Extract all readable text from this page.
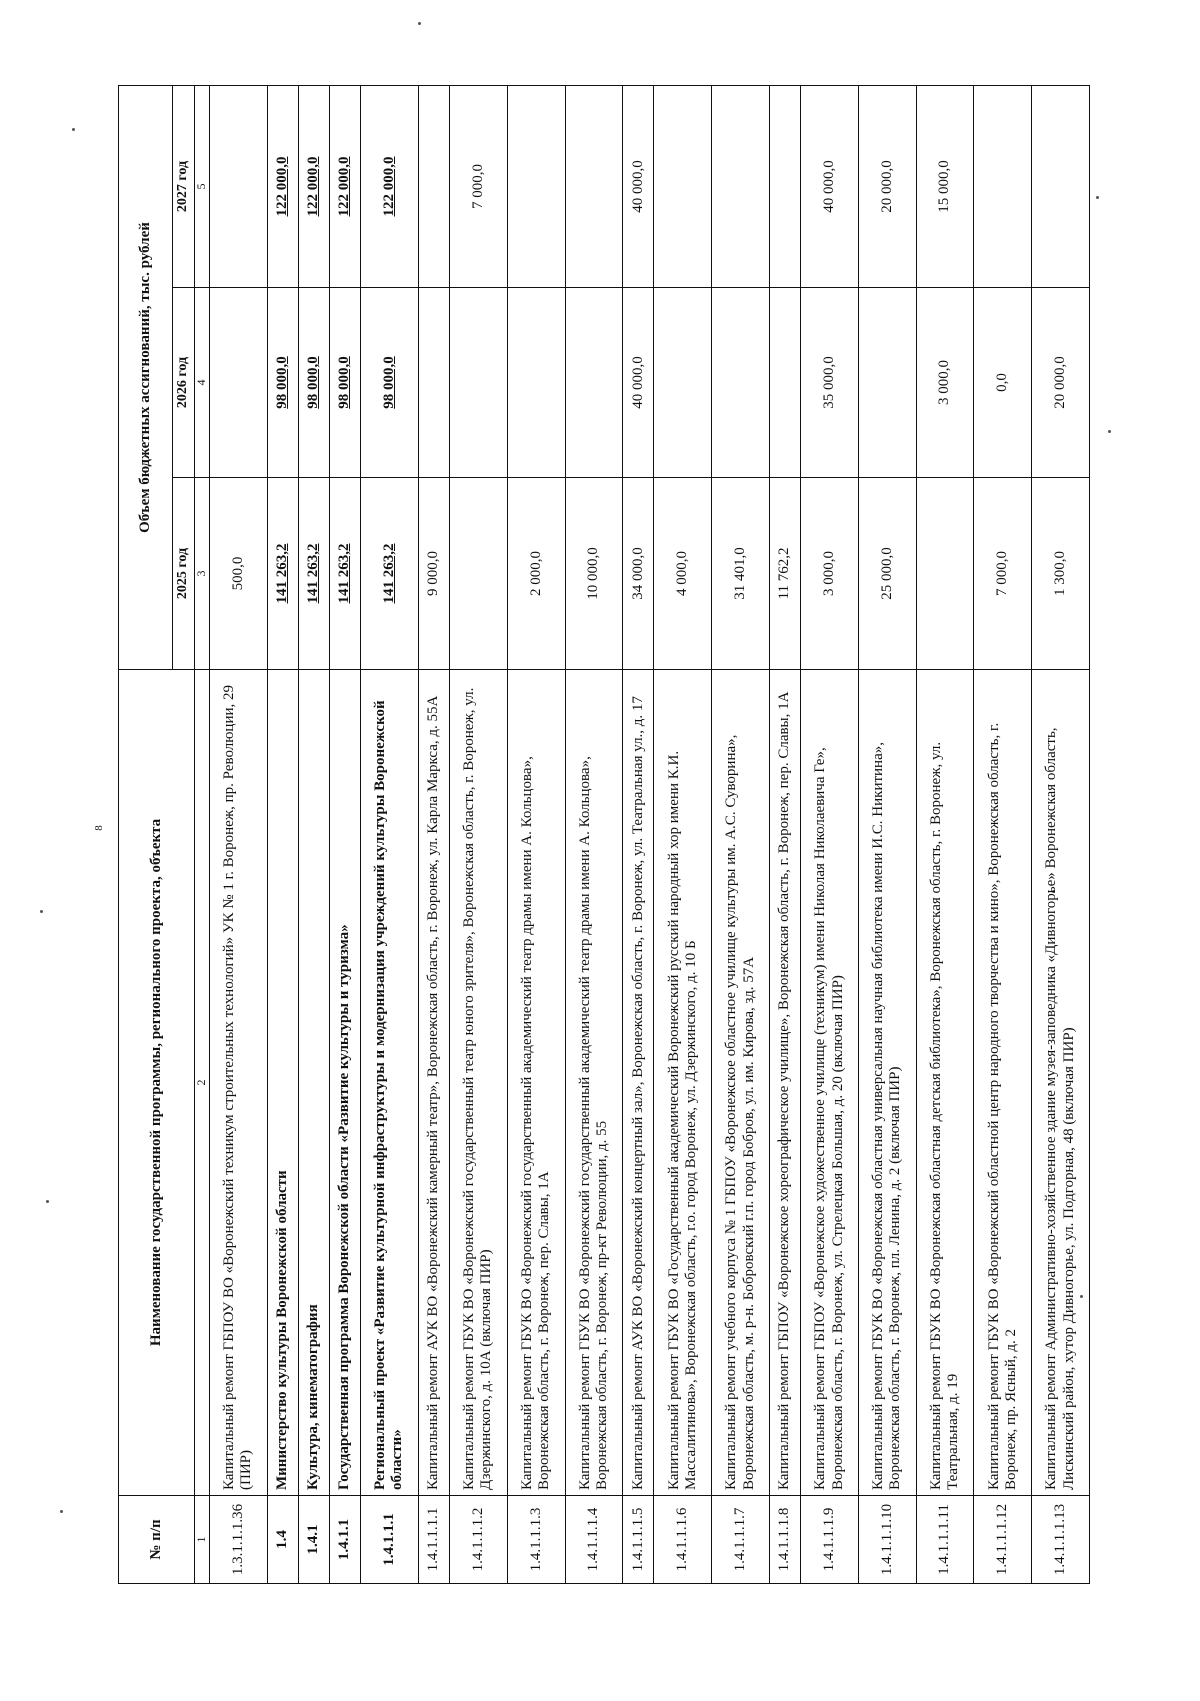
8
№ п/п	Наименование государственной программы, регионального проекта, объекта	Объем бюджетных ассигнований, тыс. рублей		
		2025 год	2026 год	2027 год
1	2	3	4	5
1.3.1.1.1.36	Капитальный ремонт ГБПОУ ВО «Воронежский техникум строительных технологий» УК № 1 г. Воронеж, пр. Революции, 29 (ПИР)	500,0		
1.4	Министерство культуры Воронежской области	141 263,2	98 000,0	122 000,0
1.4.1	Культура, кинематография	141 263,2	98 000,0	122 000,0
1.4.1.1	Государственная программа Воронежской области «Развитие культуры и туризма»	141 263,2	98 000,0	122 000,0
1.4.1.1.1	Региональный проект «Развитие культурной инфраструктуры и модернизация учреждений культуры Воронежской области»	141 263,2	98 000,0	122 000,0
1.4.1.1.1.1	Капитальный ремонт АУК ВО «Воронежский камерный театр», Воронежская область, г. Воронеж, ул. Карла Маркса, д. 55А	9 000,0		
1.4.1.1.1.2	Капитальный ремонт ГБУК ВО «Воронежский государственный театр юного зрителя», Воронежская область, г. Воронеж, ул. Дзержинского, д. 10А (включая ПИР)			7 000,0
1.4.1.1.1.3	Капитальный ремонт ГБУК ВО «Воронежский государственный академический театр драмы имени А. Кольцова», Воронежская область, г. Воронеж, пер. Славы, 1А	2 000,0		
1.4.1.1.1.4	Капитальный ремонт ГБУК ВО «Воронежский государственный академический театр драмы имени А. Кольцова», Воронежская область, г. Воронеж, пр-кт Революции, д. 55	10 000,0		
1.4.1.1.1.5	Капитальный ремонт АУК ВО «Воронежский концертный зал», Воронежская область, г. Воронеж, ул. Театральная ул., д. 17	34 000,0	40 000,0	40 000,0
1.4.1.1.1.6	Капитальный ремонт ГБУК ВО «Государственный академический Воронежский русский народный хор имени К.И. Массалитинова», Воронежская область, г.о. город Воронеж, ул. Дзержинского, д. 10 Б	4 000,0		
1.4.1.1.1.7	Капитальный ремонт учебного корпуса № 1 ГБПОУ «Воронежское областное училище культуры им. А.С. Суворина», Воронежская область, м. р-н. Бобровский г.п. город Бобров, ул. им. Кирова, зд. 57А	31 401,0		
1.4.1.1.1.8	Капитальный ремонт ГБПОУ «Воронежское хореографическое училище», Воронежская область, г. Воронеж, пер. Славы, 1А	11 762,2		
1.4.1.1.1.9	Капитальный ремонт ГБПОУ «Воронежское художественное училище (техникум) имени Николая Николаевича Ге», Воронежская область, г. Воронеж, ул. Стрелецкая Большая, д. 20 (включая ПИР)	3 000,0	35 000,0	40 000,0
1.4.1.1.1.10	Капитальный ремонт ГБУК ВО «Воронежская областная универсальная научная библиотека имени И.С. Никитина», Воронежская область, г. Воронеж, пл. Ленина, д. 2 (включая ПИР)	25 000,0		20 000,0
1.4.1.1.1.11	Капитальный ремонт ГБУК ВО «Воронежская областная детская библиотека», Воронежская область, г. Воронеж, ул. Театральная, д. 19		3 000,0	15 000,0
1.4.1.1.1.12	Капитальный ремонт ГБУК ВО «Воронежский областной центр народного творчества и кино», Воронежская область, г. Воронеж, пр. Ясный, д. 2	7 000,0	0,0	
1.4.1.1.1.13	Капитальный ремонт Административно-хозяйственное здание музея-заповедника «Дивногорье» Воронежская область, Лискинский район, хутор Дивногорье, ул. Подгорная, 48 (включая ПИР)	1 300,0	20 000,0	
